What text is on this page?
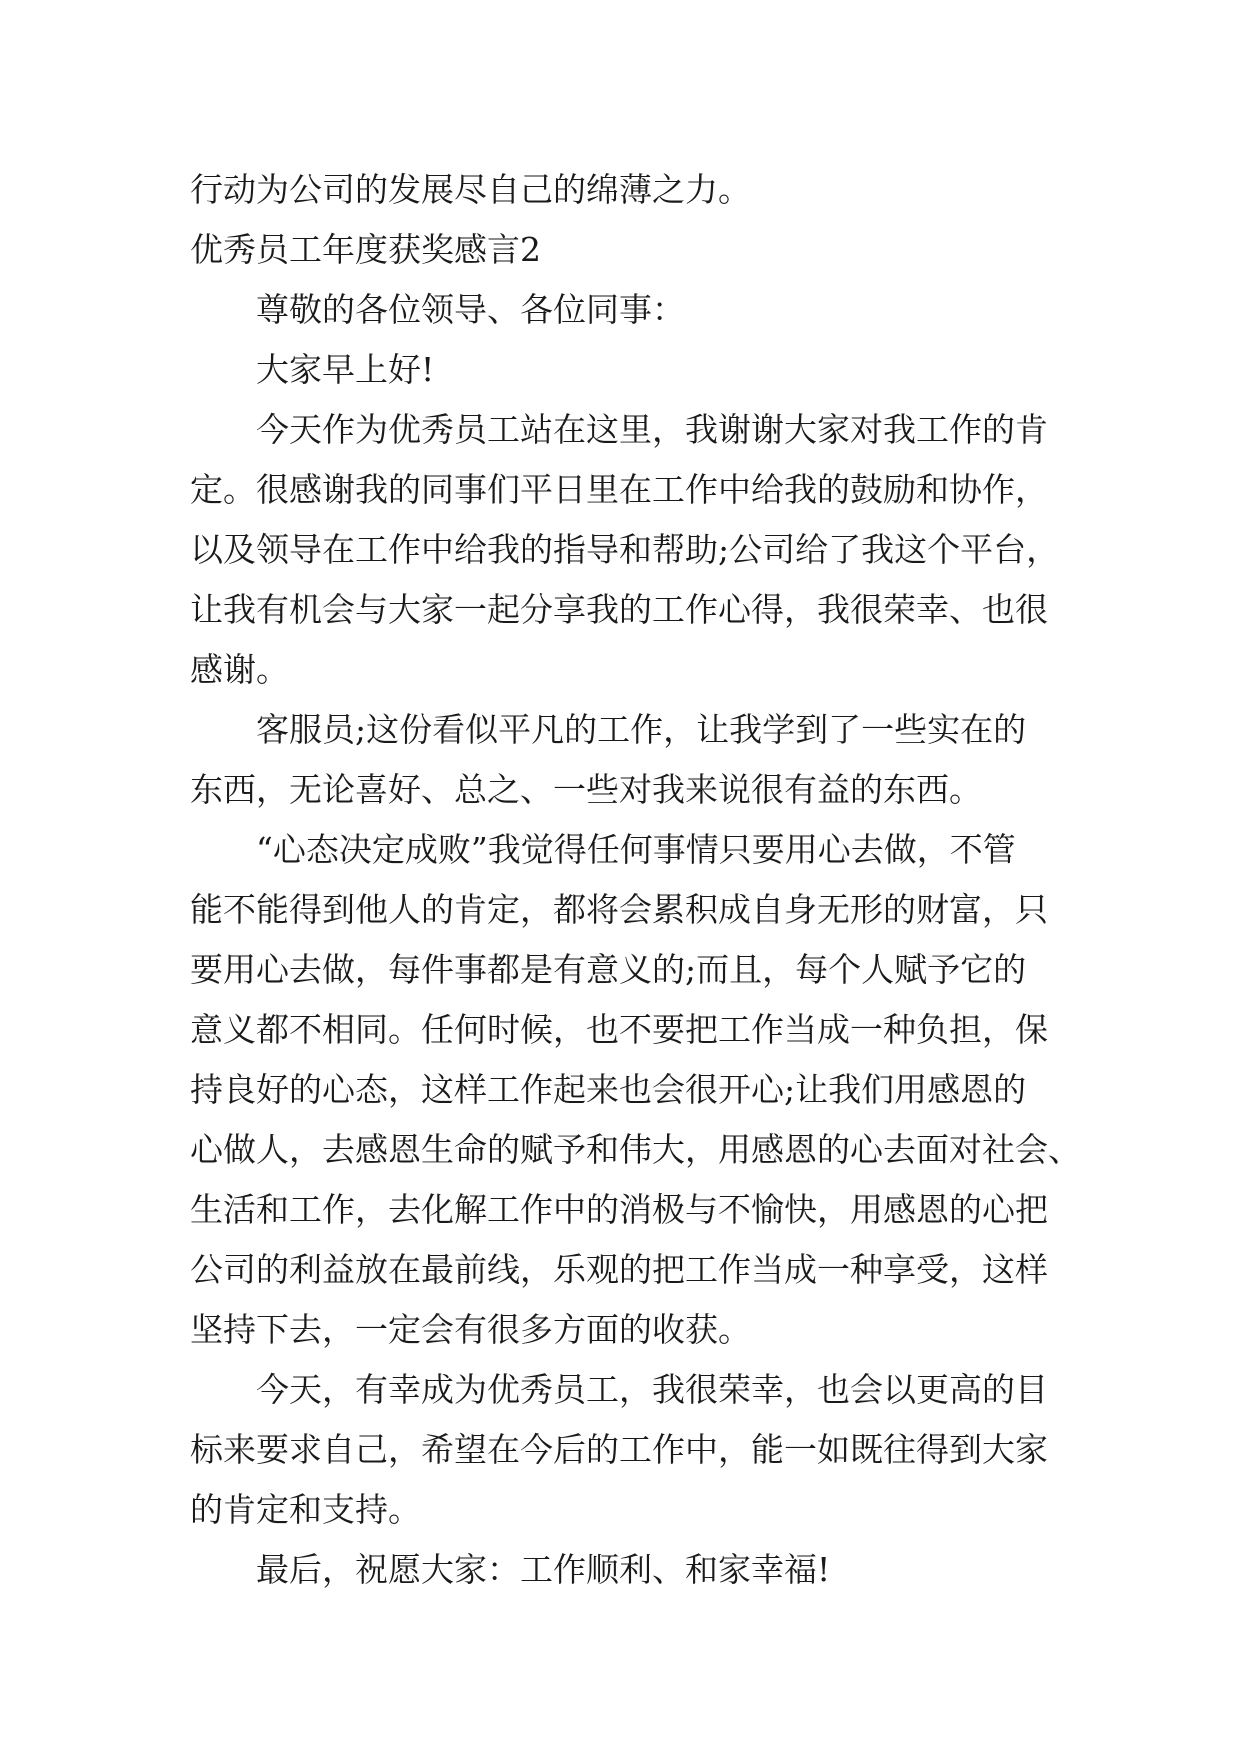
行动为公司的发展尽自己的绵薄之力。

优秀员工年度获奖感言2

　　尊敬的各位领导、各位同事：

　　大家早上好!

　　今天作为优秀员工站在这里，我谢谢大家对我工作的肯

定。很感谢我的同事们平日里在工作中给我的鼓励和协作，

以及领导在工作中给我的指导和帮助;公司给了我这个平台，

让我有机会与大家一起分享我的工作心得，我很荣幸、也很

感谢。

　　客服员;这份看似平凡的工作，让我学到了一些实在的

东西，无论喜好、总之、一些对我来说很有益的东西。

　　“心态决定成败”我觉得任何事情只要用心去做，不管

能不能得到他人的肯定，都将会累积成自身无形的财富，只

要用心去做，每件事都是有意义的;而且，每个人赋予它的

意义都不相同。任何时候，也不要把工作当成一种负担，保

持良好的心态，这样工作起来也会很开心;让我们用感恩的

心做人，去感恩生命的赋予和伟大，用感恩的心去面对社会、

生活和工作，去化解工作中的消极与不愉快，用感恩的心把

公司的利益放在最前线，乐观的把工作当成一种享受，这样

坚持下去，一定会有很多方面的收获。

　　今天，有幸成为优秀员工，我很荣幸，也会以更高的目

标来要求自己，希望在今后的工作中，能一如既往得到大家

的肯定和支持。

　　最后，祝愿大家：工作顺利、和家幸福!
